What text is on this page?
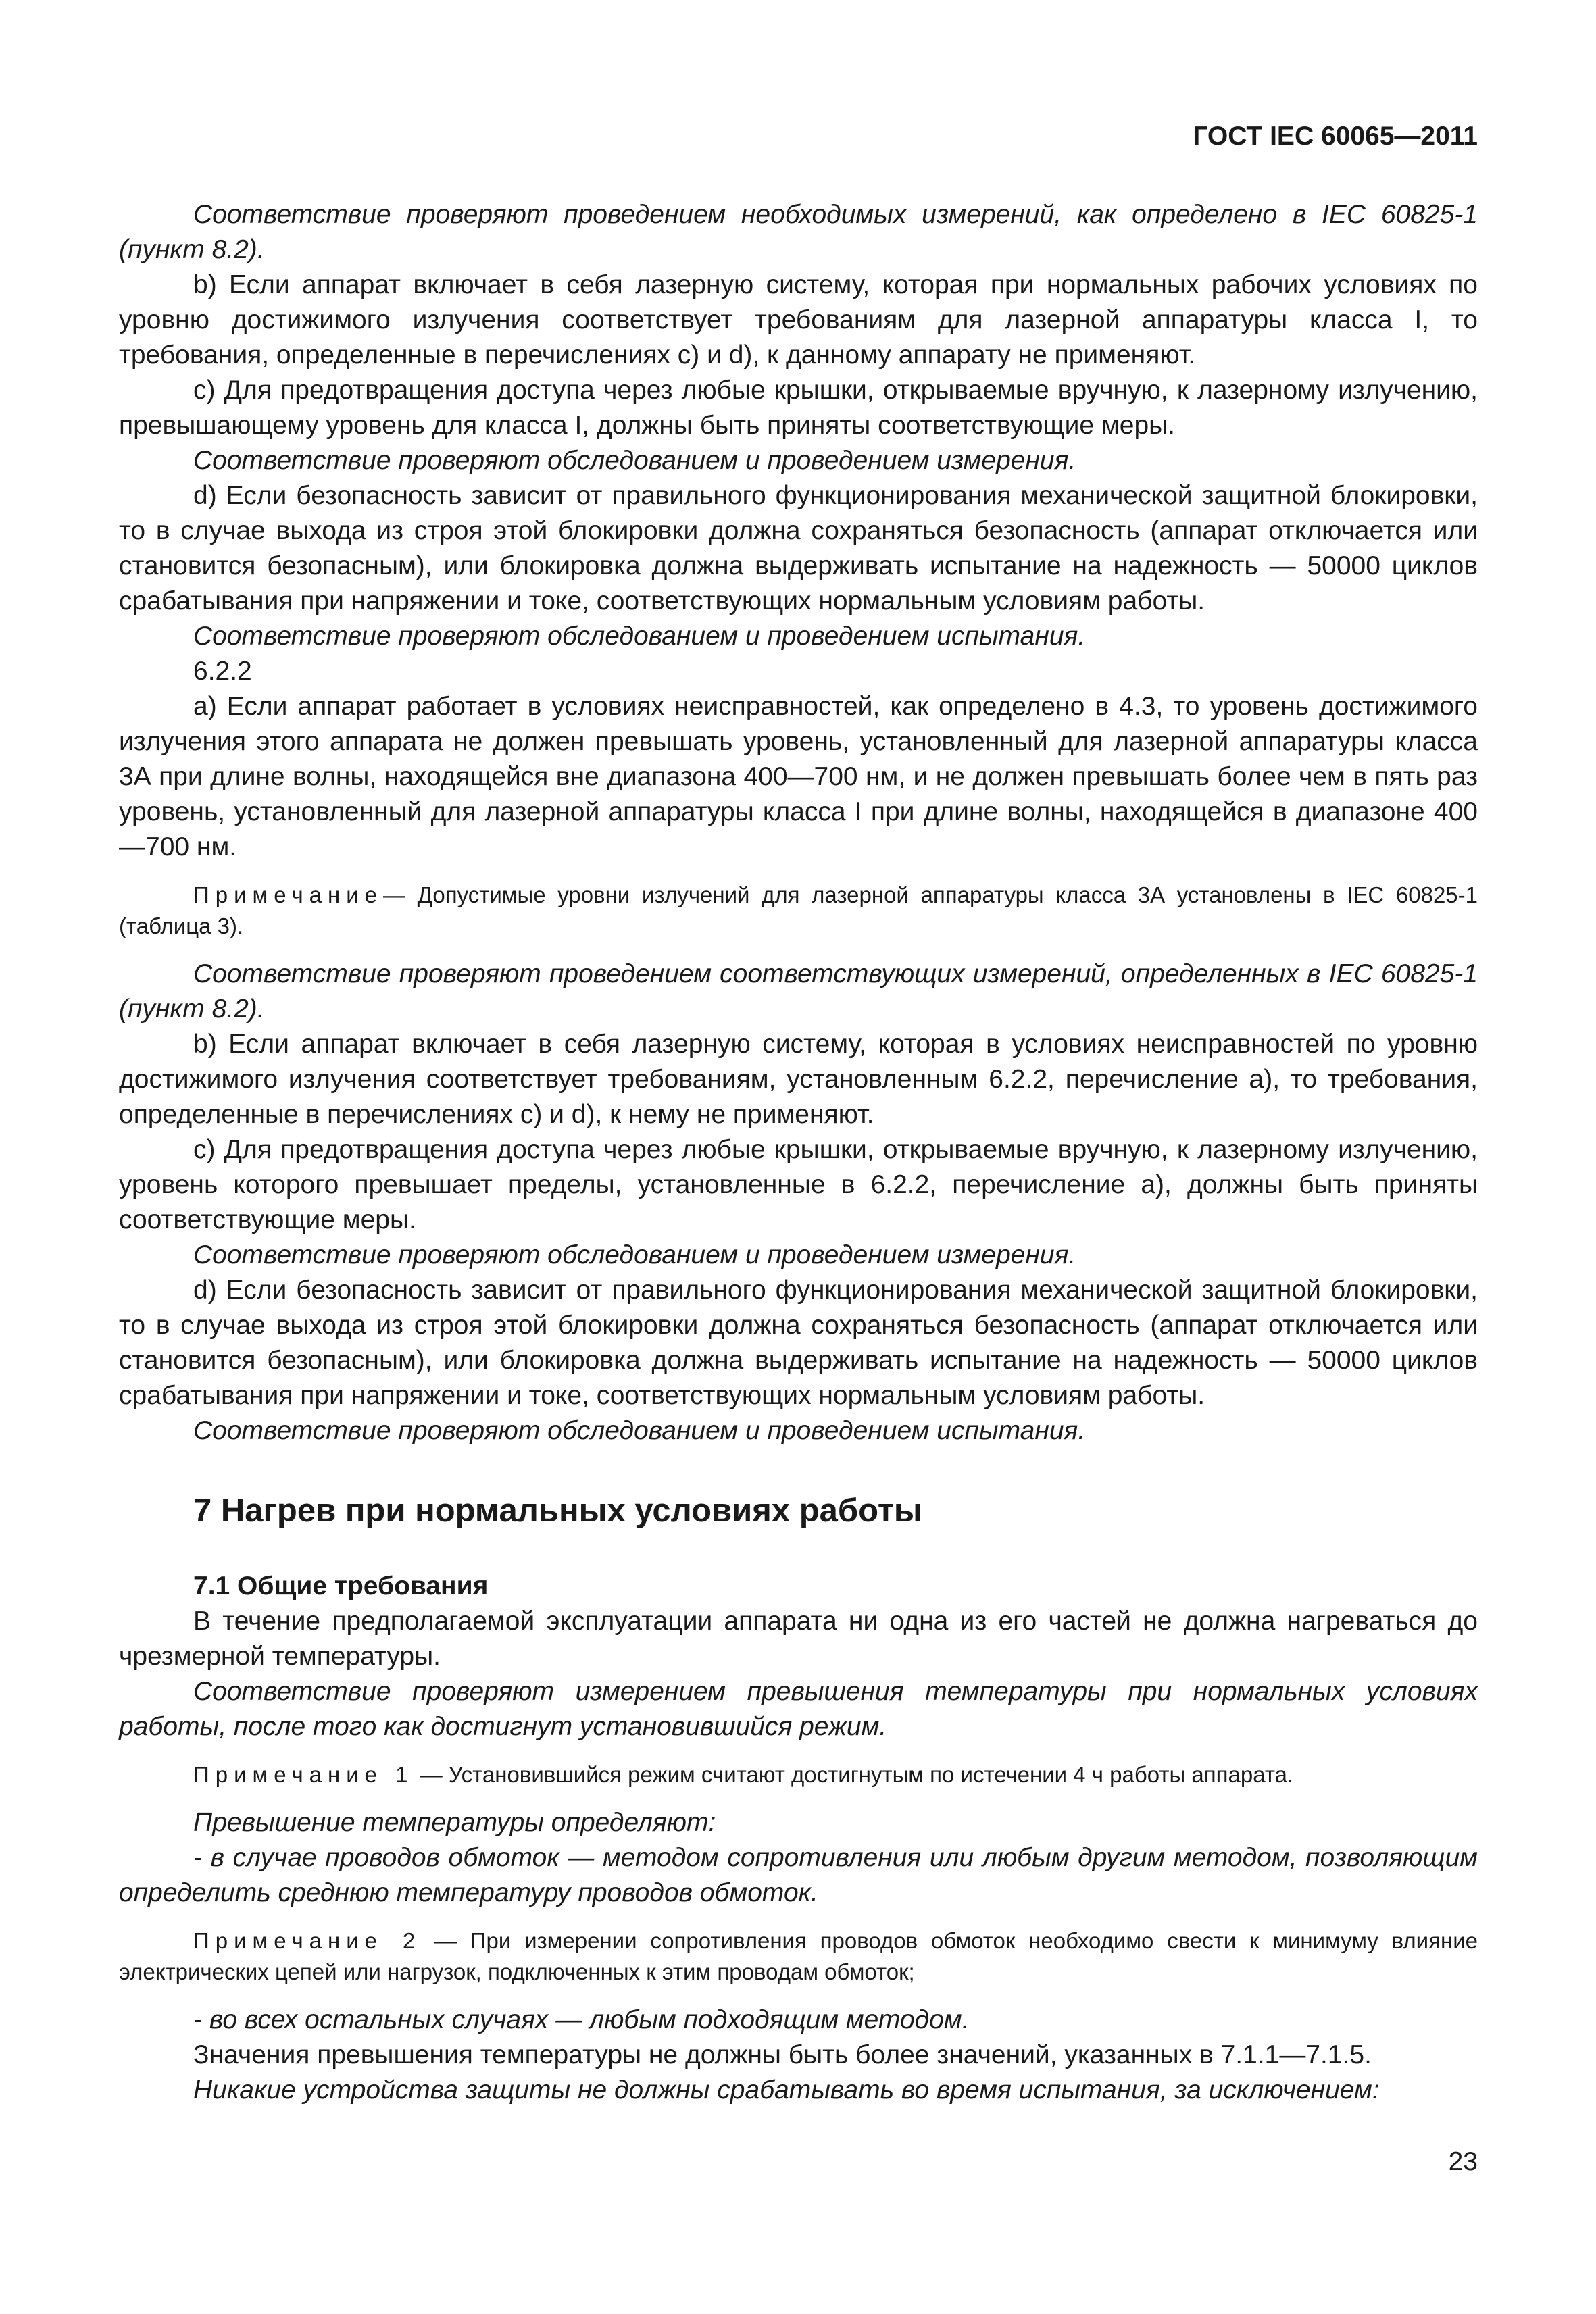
ГОСТ IEC 60065—2011

Соответствие проверяют проведением необходимых измерений, как определено в IEC 60825-1 (пункт 8.2).

b) Если аппарат включает в себя лазерную систему, которая при нормальных рабочих условиях по уровню достижимого излучения соответствует требованиям для лазерной аппаратуры класса I, то требования, определенные в перечислениях с) и d), к данному аппарату не применяют.

с) Для предотвращения доступа через любые крышки, открываемые вручную, к лазерному излучению, превышающему уровень для класса I, должны быть приняты соответствующие меры.

Соответствие проверяют обследованием и проведением измерения.

d) Если безопасность зависит от правильного функционирования механической защитной блокировки, то в случае выхода из строя этой блокировки должна сохраняться безопасность (аппарат отключается или становится безопасным), или блокировка должна выдерживать испытание на надежность — 50000 циклов срабатывания при напряжении и токе, соответствующих нормальным условиям работы.

Соответствие проверяют обследованием и проведением испытания.

6.2.2

а) Если аппарат работает в условиях неисправностей, как определено в 4.3, то уровень достижимого излучения этого аппарата не должен превышать уровень, установленный для лазерной аппаратуры класса 3А при длине волны, находящейся вне диапазона 400—700 нм, и не должен превышать более чем в пять раз уровень, установленный для лазерной аппаратуры класса I при длине волны, находящейся в диапазоне 400—700 нм.

Примечание— Допустимые уровни излучений для лазерной аппаратуры класса 3А установлены в IEC 60825-1 (таблица 3).

Соответствие проверяют проведением соответствующих измерений, определенных в IEC 60825-1 (пункт 8.2).

b) Если аппарат включает в себя лазерную систему, которая в условиях неисправностей по уровню достижимого излучения соответствует требованиям, установленным 6.2.2, перечисление а), то требования, определенные в перечислениях с) и d), к нему не применяют.

с) Для предотвращения доступа через любые крышки, открываемые вручную, к лазерному излучению, уровень которого превышает пределы, установленные в 6.2.2, перечисление а), должны быть приняты соответствующие меры.

Соответствие проверяют обследованием и проведением измерения.

d) Если безопасность зависит от правильного функционирования механической защитной блокировки, то в случае выхода из строя этой блокировки должна сохраняться безопасность (аппарат отключается или становится безопасным), или блокировка должна выдерживать испытание на надежность — 50000 циклов срабатывания при напряжении и токе, соответствующих нормальным условиям работы.

Соответствие проверяют обследованием и проведением испытания.

7 Нагрев при нормальных условиях работы
7.1 Общие требования

В течение предполагаемой эксплуатации аппарата ни одна из его частей не должна нагреваться до чрезмерной температуры.

Соответствие проверяют измерением превышения температуры при нормальных условиях работы, после того как достигнут установившийся режим.

Примечание 1 — Установившийся режим считают достигнутым по истечении 4 ч работы аппарата.

Превышение температуры определяют:

- в случае проводов обмоток — методом сопротивления или любым другим методом, позволяющим определить среднюю температуру проводов обмоток.

Примечание 2 — При измерении сопротивления проводов обмоток необходимо свести к минимуму влияние электрических цепей или нагрузок, подключенных к этим проводам обмоток;

- во всех остальных случаях — любым подходящим методом.

Значения превышения температуры не должны быть более значений, указанных в 7.1.1—7.1.5.

Никакие устройства защиты не должны срабатывать во время испытания, за исключением:

23
